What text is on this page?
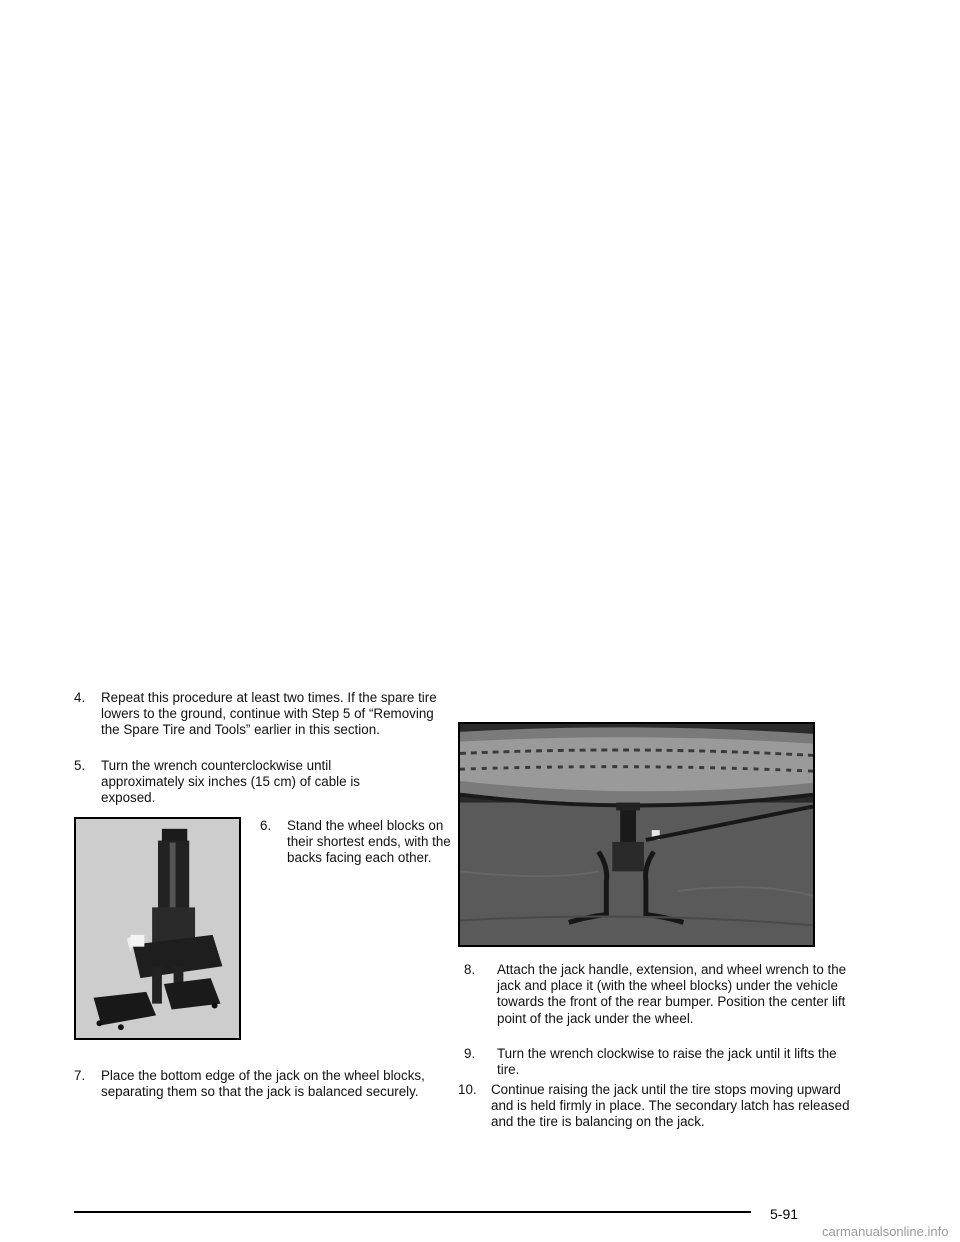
4. Repeat this procedure at least two times. If the spare tire lowers to the ground, continue with Step 5 of “Removing the Spare Tire and Tools” earlier in this section.

5. Turn the wrench counterclockwise until approximately six inches (15 cm) of cable is exposed.

6. Stand the wheel blocks on their shortest ends, with the backs facing each other.

7. Place the bottom edge of the jack on the wheel blocks, separating them so that the jack is balanced securely.

8. Attach the jack handle, extension, and wheel wrench to the jack and place it (with the wheel blocks) under the vehicle towards the front of the rear bumper. Position the center lift point of the jack under the wheel.

9. Turn the wrench clockwise to raise the jack until it lifts the tire.

10. Continue raising the jack until the tire stops moving upward and is held firmly in place. The secondary latch has released and the tire is balancing on the jack.

5-91
carmanualsonline.info
